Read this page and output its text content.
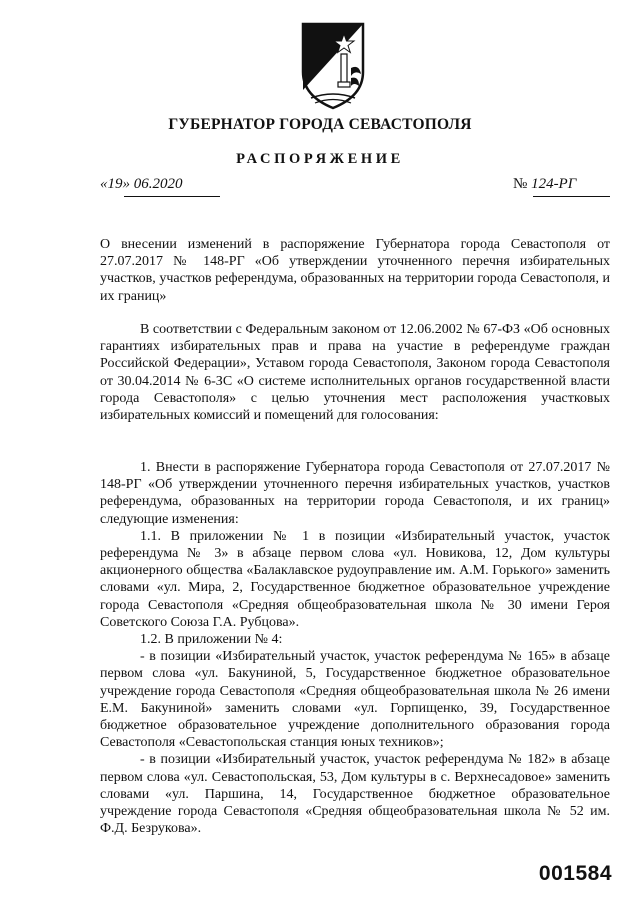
ГУБЕРНАТОР ГОРОДА СЕВАСТОПОЛЯ
РАСПОРЯЖЕНИЕ
«19» 06.2020	№ 124-РГ

О внесении изменений в распоряжение Губернатора города Севастополя от 27.07.2017 № 148-РГ «Об утверждении уточненного перечня избирательных участков, участков референдума, образованных на территории города Севастополя, и их границ»

В соответствии с Федеральным законом от 12.06.2002 № 67-ФЗ «Об основных гарантиях избирательных прав и права на участие в референдуме граждан Российской Федерации», Уставом города Севастополя, Законом города Севастополя от 30.04.2014 № 6-ЗС «О системе исполнительных органов государственной власти города Севастополя» с целью уточнения мест расположения участковых избирательных комиссий и помещений для голосования:

1. Внести в распоряжение Губернатора города Севастополя от 27.07.2017 № 148-РГ «Об утверждении уточненного перечня избирательных участков, участков референдума, образованных на территории города Севастополя, и их границ» следующие изменения:

1.1. В приложении № 1 в позиции «Избирательный участок, участок референдума № 3» в абзаце первом слова «ул. Новикова, 12, Дом культуры акционерного общества «Балаклавское рудоуправление им. А.М. Горького» заменить словами «ул. Мира, 2, Государственное бюджетное образовательное учреждение города Севастополя «Средняя общеобразовательная школа № 30 имени Героя Советского Союза Г.А. Рубцова».

1.2. В приложении № 4:

- в позиции «Избирательный участок, участок референдума № 165» в абзаце первом слова «ул. Бакуниной, 5, Государственное бюджетное образовательное учреждение города Севастополя «Средняя общеобразовательная школа № 26 имени Е.М. Бакуниной» заменить словами «ул. Горпищенко, 39, Государственное бюджетное образовательное учреждение дополнительного образования города Севастополя «Севастопольская станция юных техников»;

- в позиции «Избирательный участок, участок референдума № 182» в абзаце первом слова «ул. Севастопольская, 53, Дом культуры в с. Верхнесадовое» заменить словами «ул. Паршина, 14, Государственное бюджетное образовательное учреждение города Севастополя «Средняя общеобразовательная школа № 52 им. Ф.Д. Безрукова».

001584
